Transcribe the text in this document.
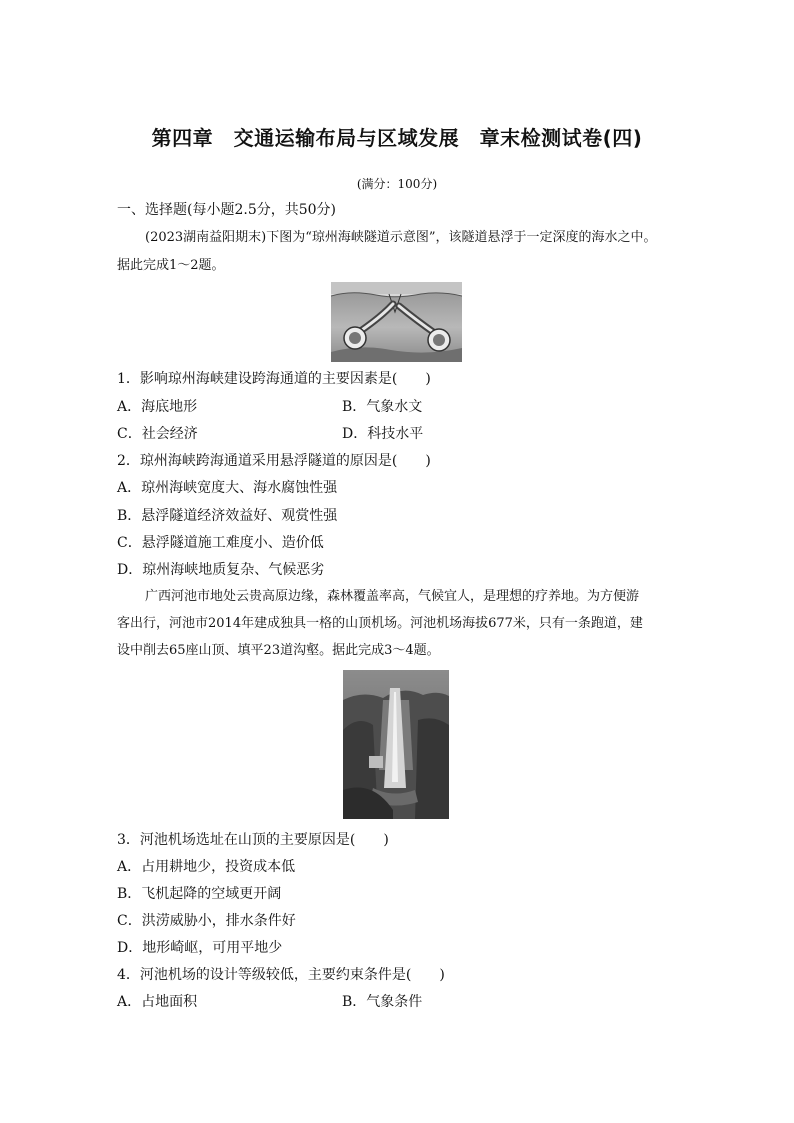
第四章　交通运输布局与区域发展　章末检测试卷(四)
(满分：100分)
一、选择题(每小题2.5分，共50分)
(2023湖南益阳期末)下图为“琼州海峡隧道示意图”，该隧道悬浮于一定深度的海水之中。
据此完成1～2题。
1．影响琼州海峡建设跨海通道的主要因素是(　　)
A．海底地形	B．气象水文
C．社会经济	D．科技水平
2．琼州海峡跨海通道采用悬浮隧道的原因是(　　)
A．琼州海峡宽度大、海水腐蚀性强
B．悬浮隧道经济效益好、观赏性强
C．悬浮隧道施工难度小、造价低
D．琼州海峡地质复杂、气候恶劣
广西河池市地处云贵高原边缘，森林覆盖率高，气候宜人，是理想的疗养地。为方便游
客出行，河池市2014年建成独具一格的山顶机场。河池机场海拔677米，只有一条跑道，建
设中削去65座山顶、填平23道沟壑。据此完成3～4题。
3．河池机场选址在山顶的主要原因是(　　)
A．占用耕地少，投资成本低
B．飞机起降的空域更开阔
C．洪涝威胁小，排水条件好
D．地形崎岖，可用平地少
4．河池机场的设计等级较低，主要约束条件是(　　)
A．占地面积	B．气象条件
